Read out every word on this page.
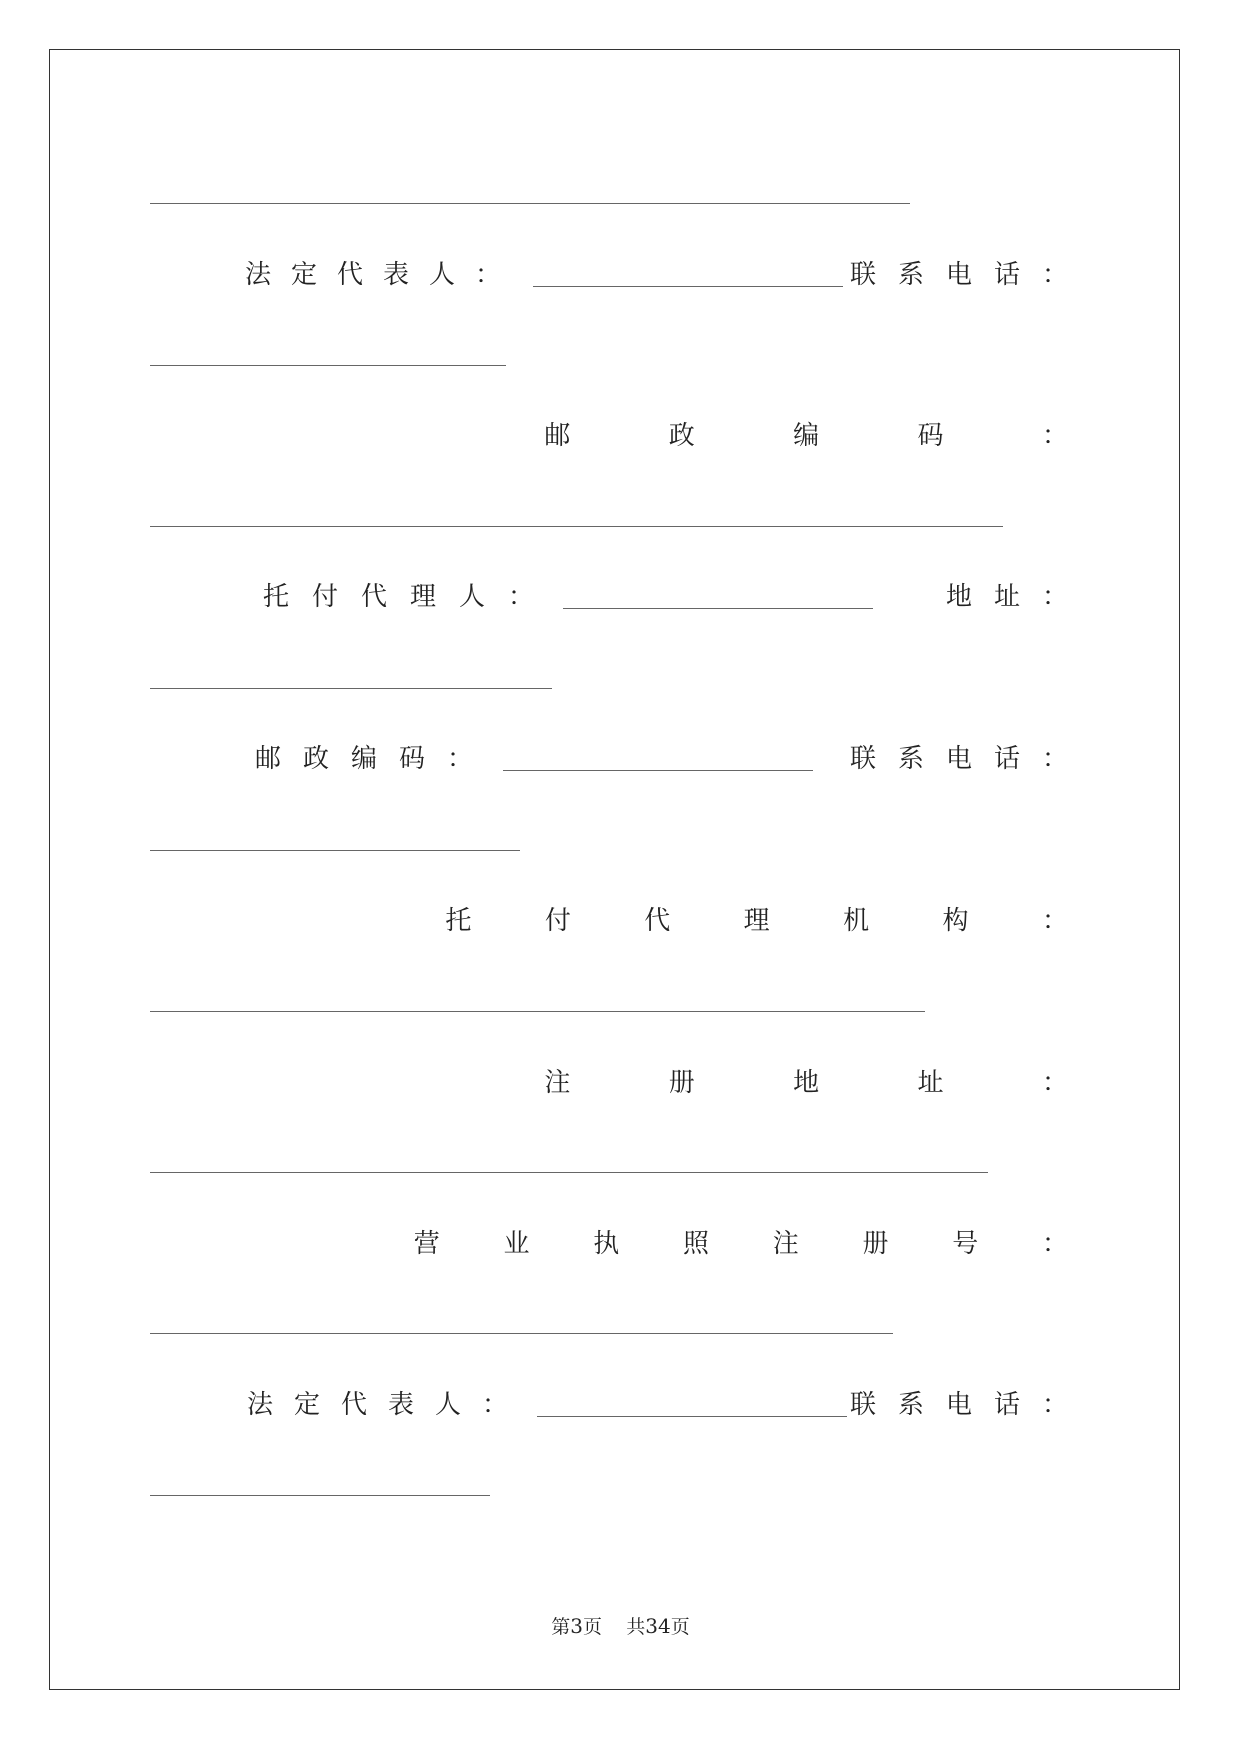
法定代表人：	联系电话：
邮	政	编	码	：
托付代理人：	地址：
邮政编码：	联系电话：
托	付	代	理	机	构	：
注	册	地	址	：
营 业 执 照 注 册 号 ：
法定代表人：	联系电话：
第3页 共34页
